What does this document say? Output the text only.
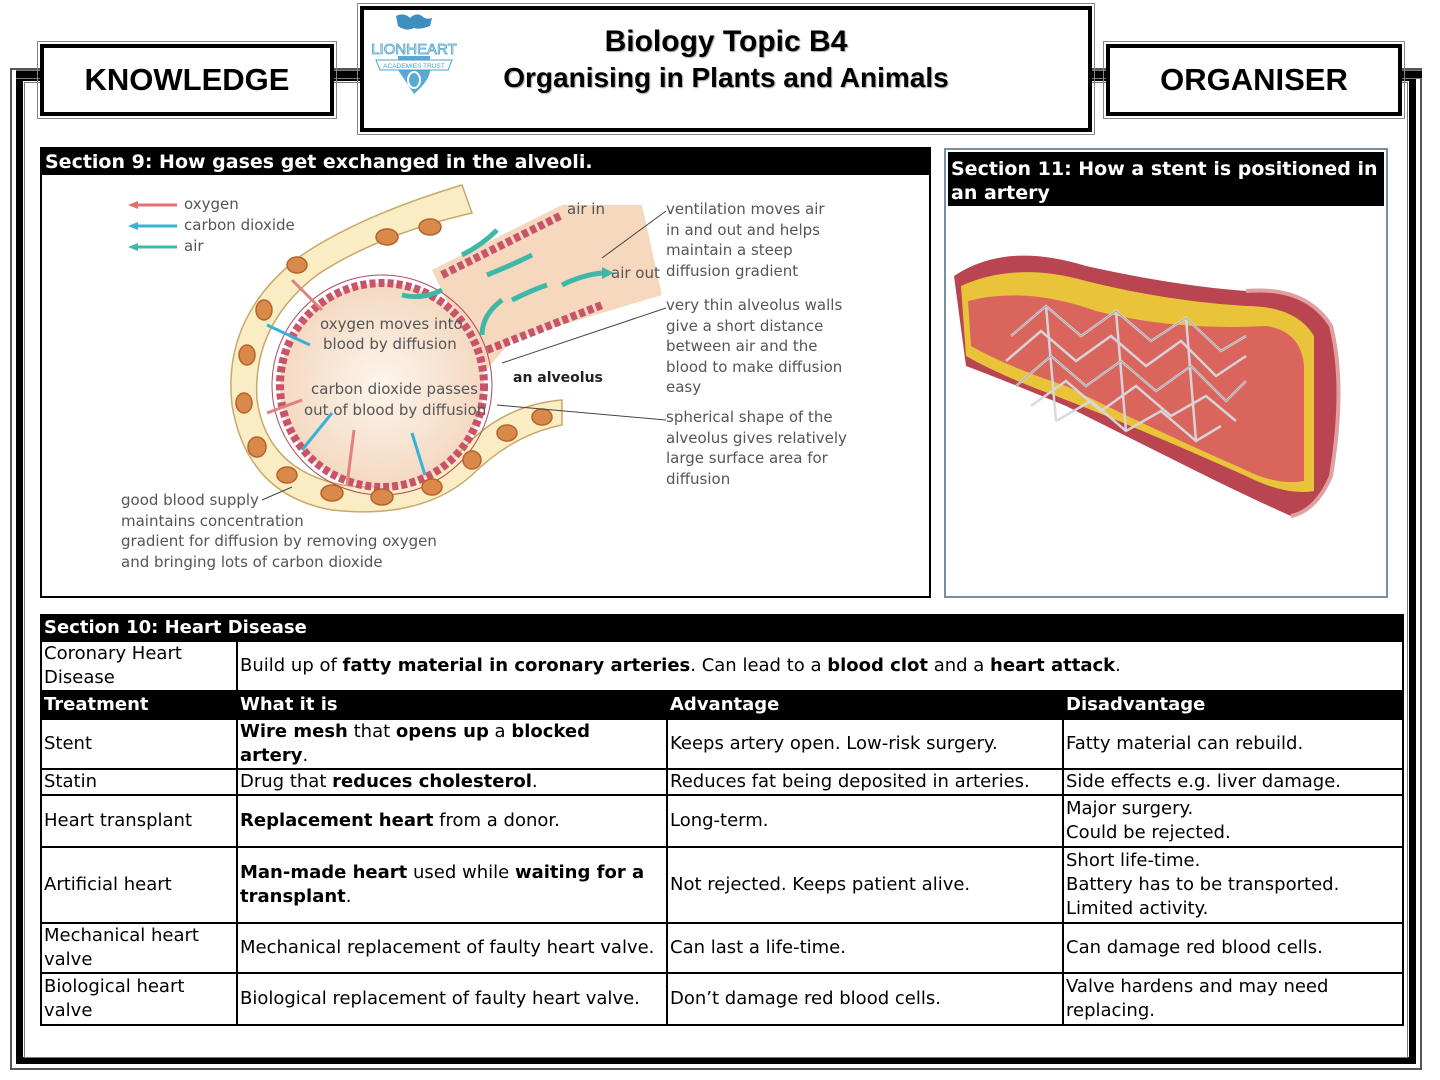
KNOWLEDGE	ORGANISER
Biology Topic B4
Organising in Plants and Animals
LIONHEART
ACADEMIES TRUST
Section 9: How gases get exchanged in the alveoli.
oxygen
carbon dioxide
air
air in
air out
oxygen moves into
blood by diffusion
carbon dioxide passes
out of blood by diffusion
an alveolus
ventilation moves air
in and out and helps
maintain a steep
diffusion gradient
very thin alveolus walls
give a short distance
between air and the
blood to make diffusion
easy
spherical shape of the
alveolus gives relatively
large surface area for
diffusion
good blood supply
maintains concentration
gradient for diffusion by removing oxygen
and bringing lots of carbon dioxide
Section 11: How a stent is positioned in an artery
Section 10: Heart Disease			
Coronary Heart Disease	Build up of fatty material in coronary arteries. Can lead to a blood clot and a heart attack.		
Treatment	What it is	Advantage	Disadvantage
Stent	Wire mesh that opens up a blocked artery.	Keeps artery open. Low-risk surgery.	Fatty material can rebuild.
Statin	Drug that reduces cholesterol.	Reduces fat being deposited in arteries.	Side effects e.g. liver damage.
Heart transplant	Replacement heart from a donor.	Long-term.	Major surgery.
Could be rejected.
Artificial heart	Man-made heart used while waiting for a transplant.	Not rejected. Keeps patient alive.	Short life-time.
Battery has to be transported.
Limited activity.
Mechanical heart valve	Mechanical replacement of faulty heart valve.	Can last a life-time.	Can damage red blood cells.
Biological heart valve	Biological replacement of faulty heart valve.	Don’t damage red blood cells.	Valve hardens and may need replacing.
